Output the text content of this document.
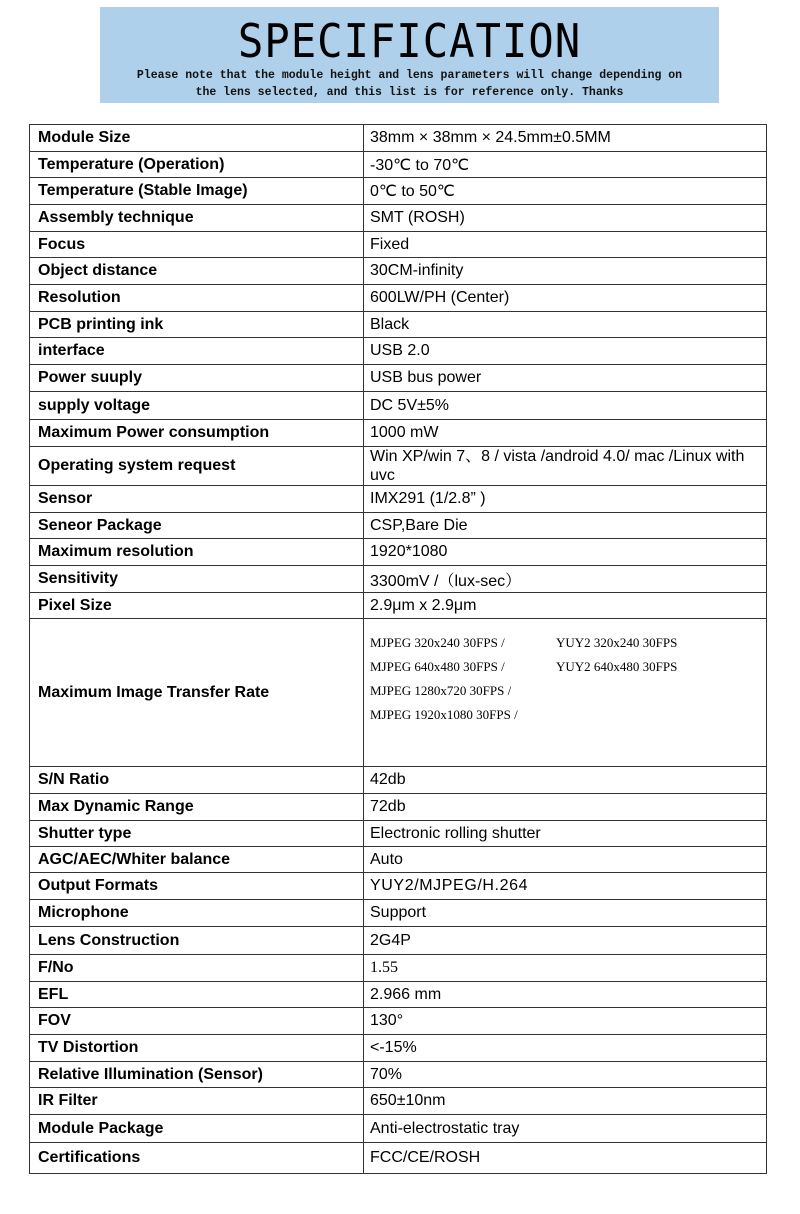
SPECIFICATION
Please note that the module height and lens parameters will change depending on
the lens selected, and this list is for reference only. Thanks
Module Size	38mm × 38mm × 24.5mm±0.5MM
Temperature (Operation)	-30℃ to 70℃
Temperature (Stable Image)	0℃ to 50℃
Assembly technique	SMT (ROSH)
Focus	Fixed
Object distance	30CM-infinity
Resolution	600LW/PH (Center)
PCB printing ink	Black
interface	USB 2.0
Power suuply	USB bus power
supply voltage	DC 5V±5%
Maximum Power consumption	1000 mW
Operating system request	Win XP/win 7、8 / vista /android 4.0/ mac /Linux with uvc
Sensor	IMX291 (1/2.8” )
Seneor Package	CSP,Bare Die
Maximum resolution	1920*1080
Sensitivity	3300mV /（lux-sec）
Pixel Size	2.9μm x 2.9μm
Maximum Image Transfer Rate	MJPEG 320x240 30FPS / YUY2 320x240 30FPS
MJPEG 640x480 30FPS / YUY2 640x480 30FPS
MJPEG 1280x720 30FPS /
MJPEG 1920x1080 30FPS /

S/N Ratio	42db
Max Dynamic Range	72db
Shutter type	Electronic rolling shutter
AGC/AEC/Whiter balance	Auto
Output Formats	YUY2/MJPEG/H.264
Microphone	Support
Lens Construction	2G4P
F/No	1.55
EFL	2.966 mm
FOV	130°
TV Distortion	<-15%
Relative Illumination (Sensor)	70%
IR Filter	650±10nm
Module Package	Anti-electrostatic tray
Certifications	FCC/CE/ROSH
